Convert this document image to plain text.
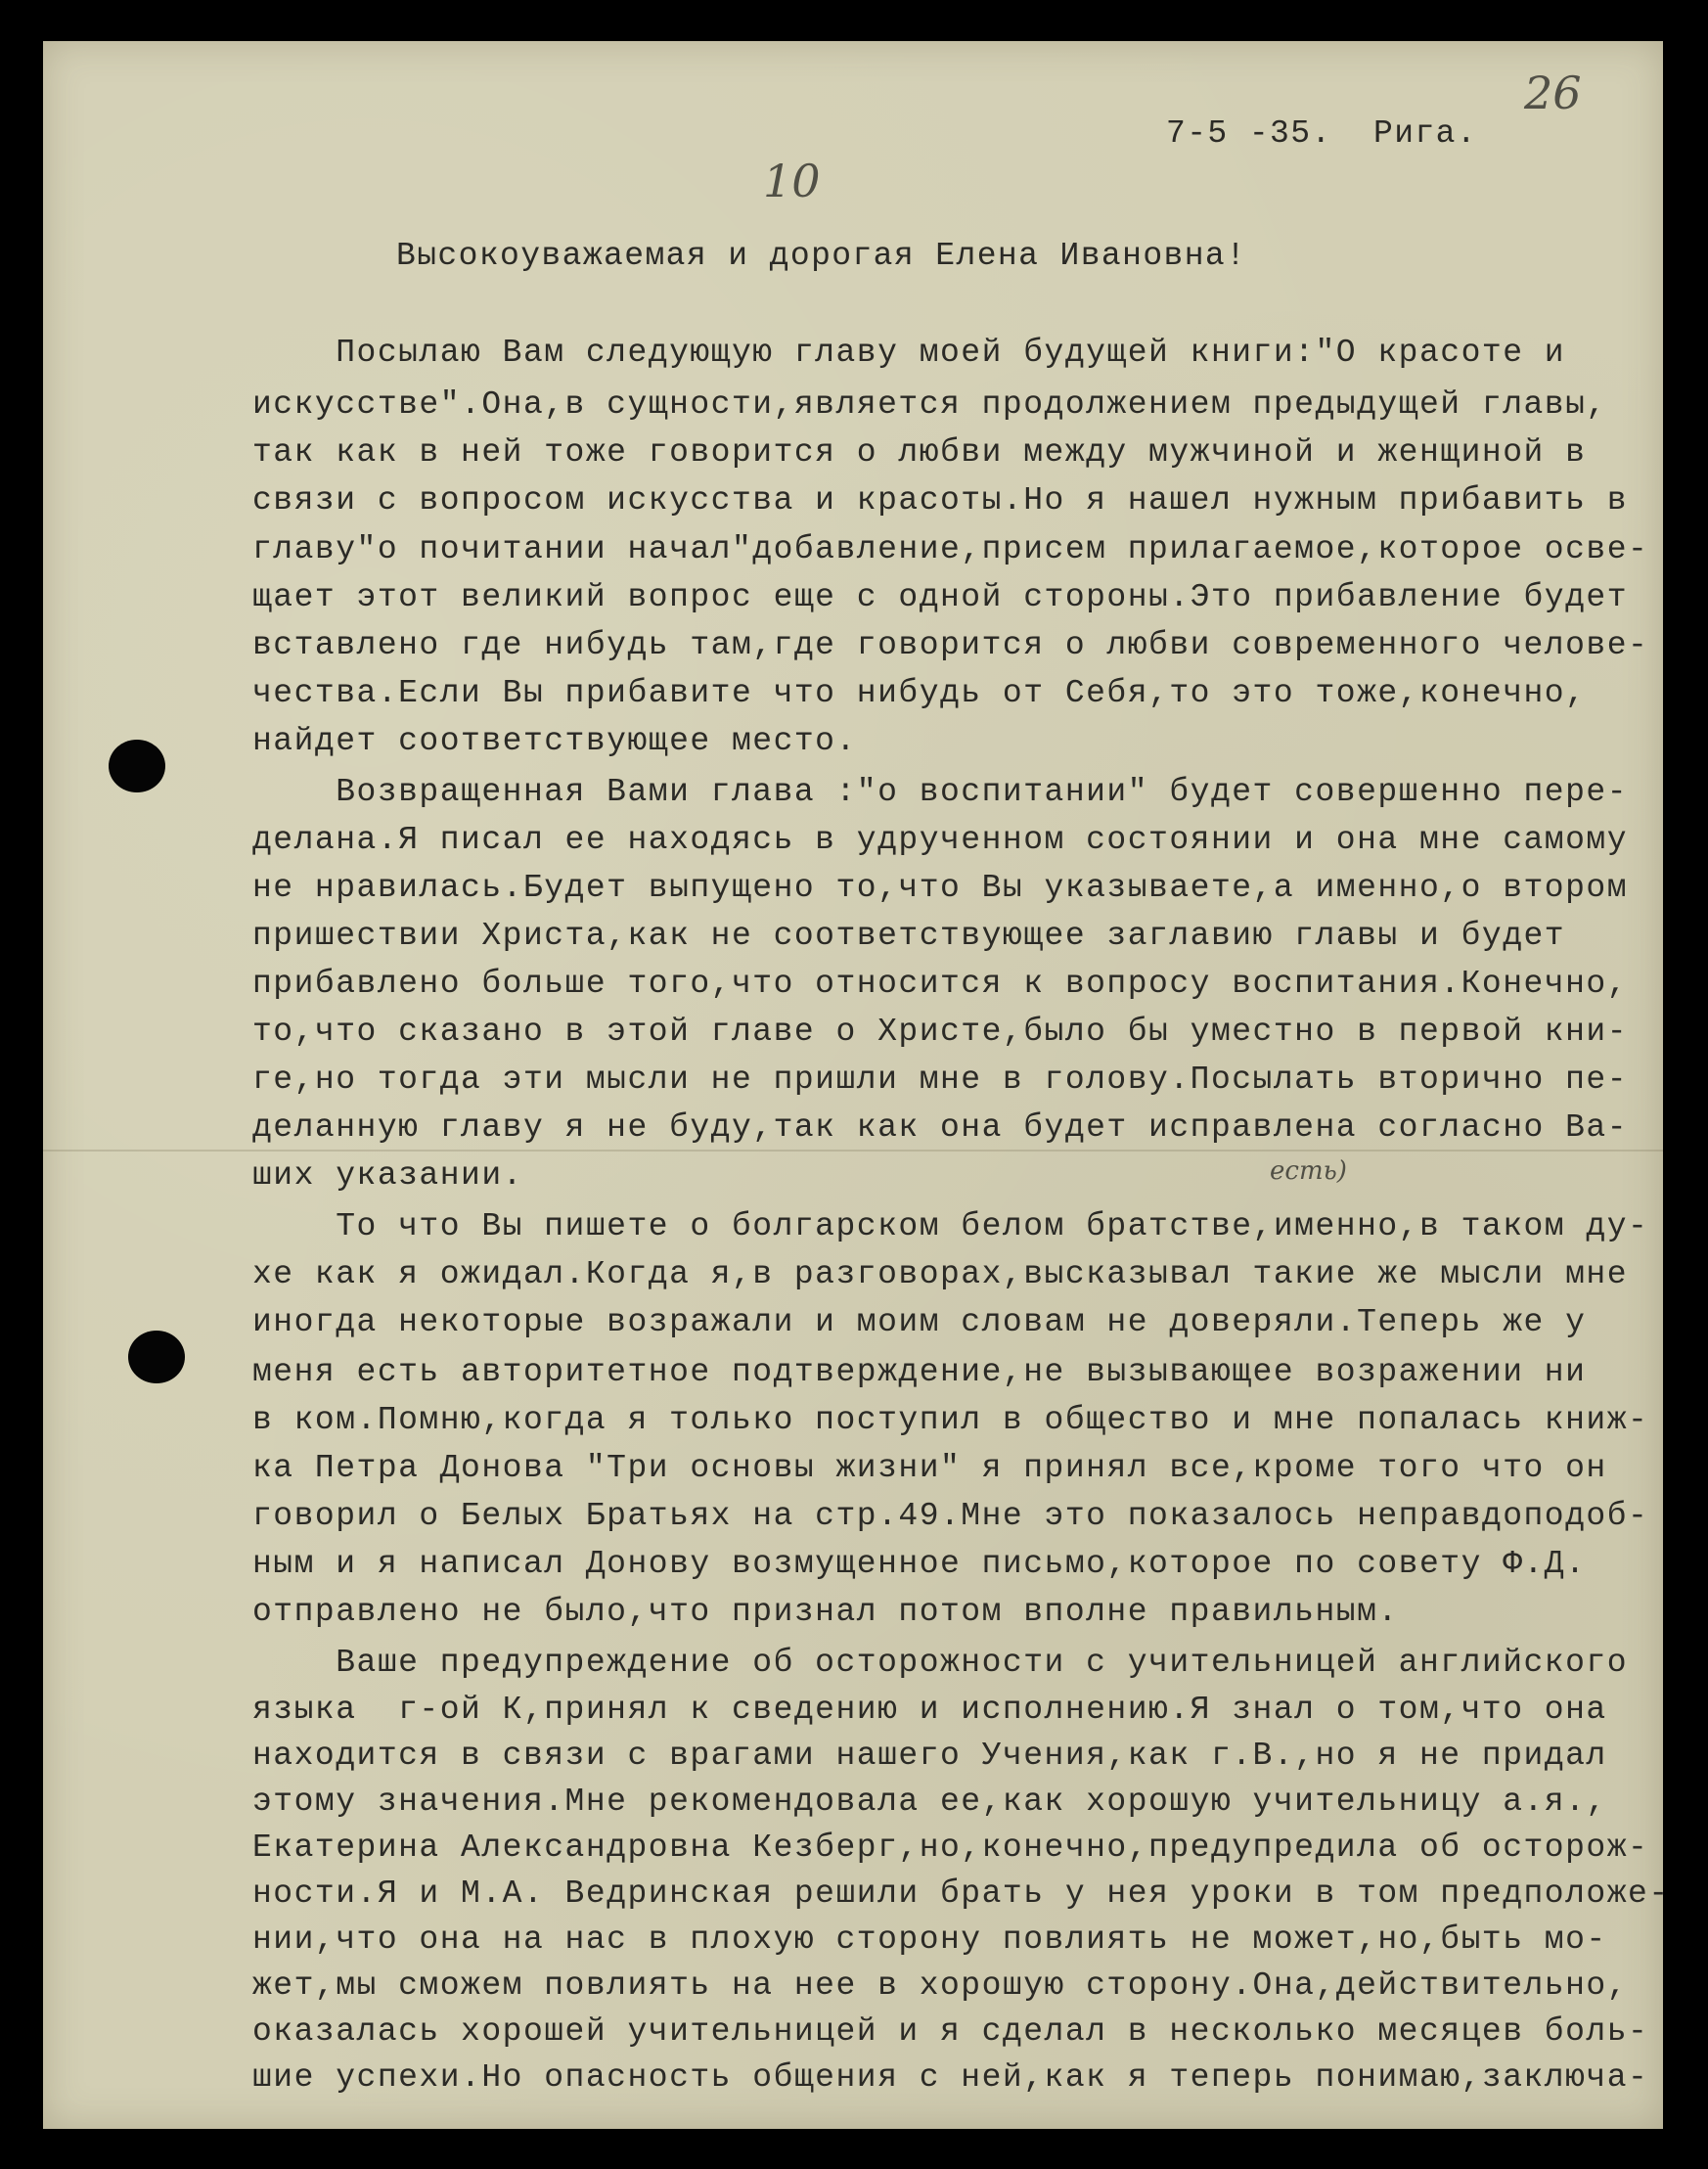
26
10
есть)
7-5 -35.  Рига.
Высокоуважаемая и дорогая Елена Ивановна!
Посылаю Вам следующую главу моей будущей книги:"О красоте и
искусстве".Она,в сущности,является продолжением предыдущей главы,
так как в ней тоже говорится о любви между мужчиной и женщиной в
связи с вопросом искусства и красоты.Но я нашел нужным прибавить в
главу"о почитании начал"добавление,присем прилагаемое,которое осве-
щает этот великий вопрос еще с одной стороны.Это прибавление будет
вставлено где нибудь там,где говорится о любви современного челове-
чества.Если Вы прибавите что нибудь от Себя,то это тоже,конечно,
найдет соответствующее место.
Возвращенная Вами глава :"о воспитании" будет совершенно пере-
делана.Я писал ее находясь в удрученном состоянии и она мне самому
не нравилась.Будет выпущено то,что Вы указываете,а именно,о втором
пришествии Христа,как не соответствующее заглавию главы и будет
прибавлено больше того,что относится к вопросу воспитания.Конечно,
то,что сказано в этой главе о Христе,было бы уместно в первой кни-
ге,но тогда эти мысли не пришли мне в голову.Посылать вторично пе-
деланную главу я не буду,так как она будет исправлена согласно Ва-
ших указании.
То что Вы пишете о болгарском белом братстве,именно,в таком ду-
хе как я ожидал.Когда я,в разговорах,высказывал такие же мысли мне
иногда некоторые возражали и моим словам не доверяли.Теперь же у
меня есть авторитетное подтверждение,не вызывающее возражении ни
в ком.Помню,когда я только поступил в общество и мне попалась книж-
ка Петра Донова "Три основы жизни" я принял все,кроме того что он
говорил о Белых Братьях на стр.49.Мне это показалось неправдоподоб-
ным и я написал Донову возмущенное письмо,которое по совету Ф.Д.
отправлено не было,что признал потом вполне правильным.
Ваше предупреждение об осторожности с учительницей английского
языка  г-ой К,принял к сведению и исполнению.Я знал о том,что она
находится в связи с врагами нашего Учения,как г.В.,но я не придал
этому значения.Мне рекомендовала ее,как хорошую учительницу а.я.,
Екатерина Александровна Кезберг,но,конечно,предупредила об осторож-
ности.Я и М.А. Ведринская решили брать у нея уроки в том предположе-
нии,что она на нас в плохую сторону повлиять не может,но,быть мо-
жет,мы сможем повлиять на нее в хорошую сторону.Она,действительно,
оказалась хорошей учительницей и я сделал в несколько месяцев боль-
шие успехи.Но опасность общения с ней,как я теперь понимаю,заключа-
